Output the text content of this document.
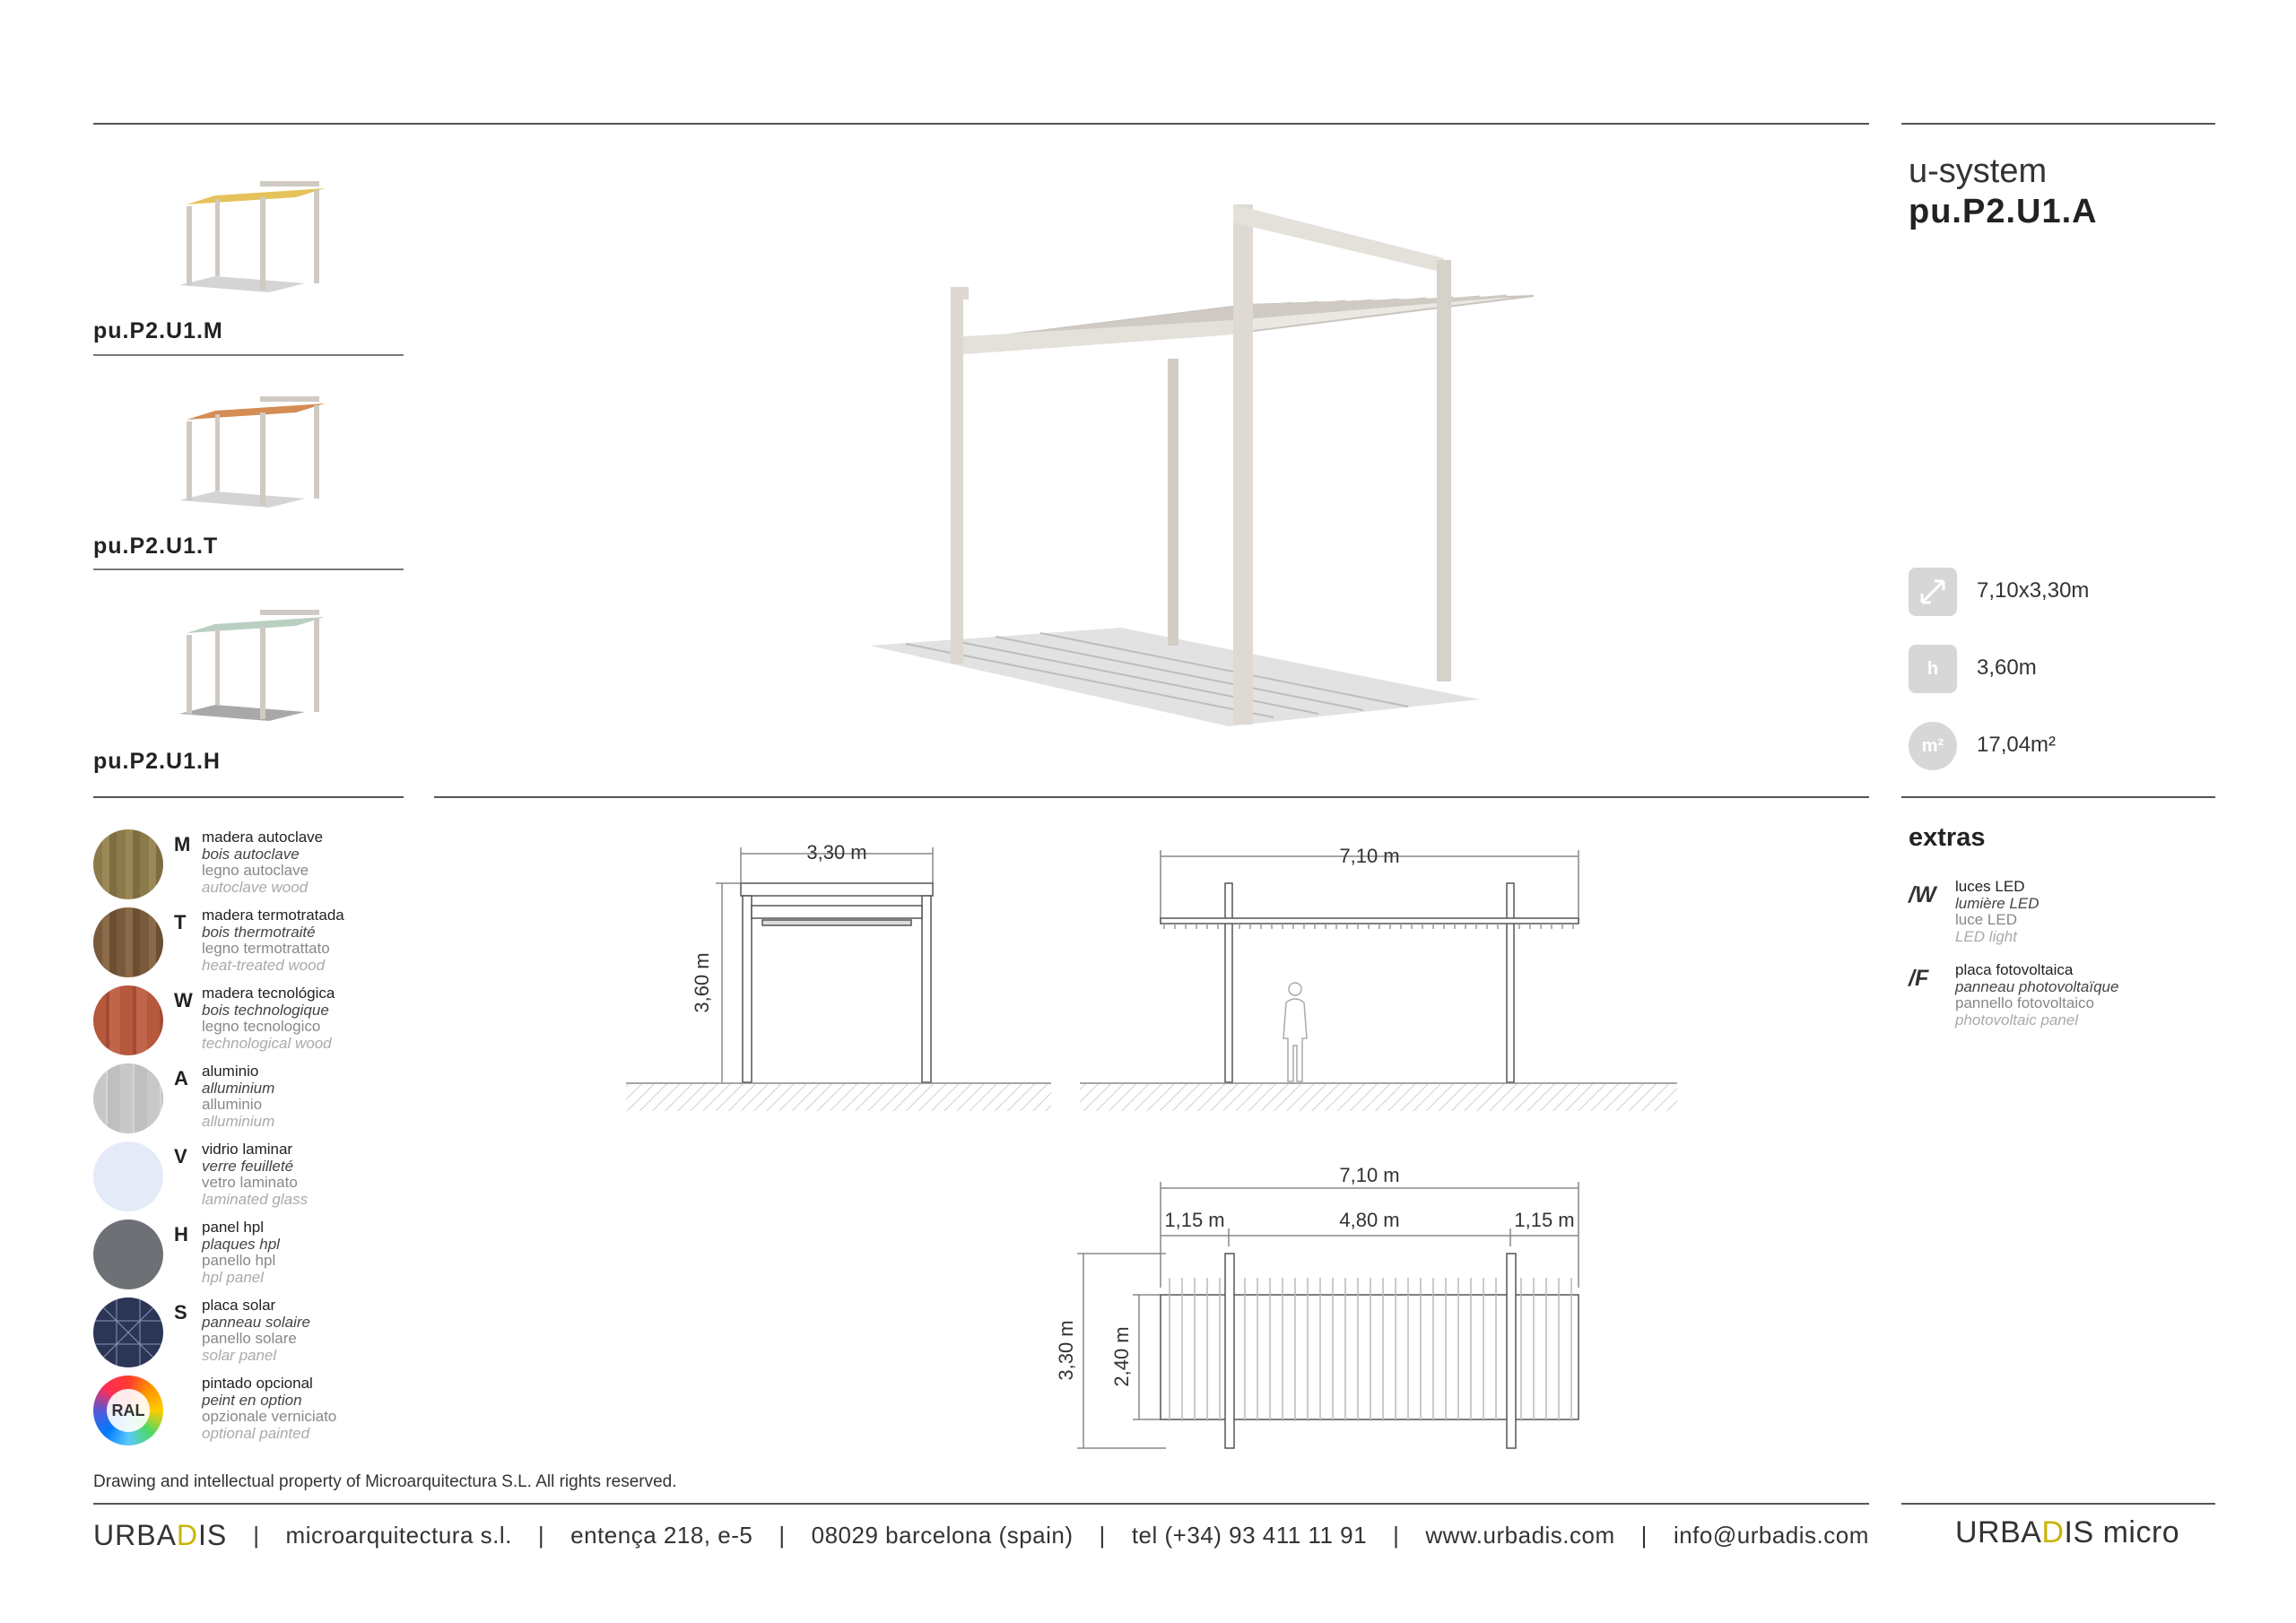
pu.P2.U1.M
pu.P2.U1.T
pu.P2.U1.H
u-system
pu.P2.U1.A
7,10x3,30m
h 3,60m
m² 17,04m²
extras
/W	luces LED
lumière LED
luce LED
LED light
/F	placa fotovoltaica
panneau photovoltaïque
pannello fotovoltaico
photovoltaic panel
M madera autoclave
bois autoclave
legno autoclave
autoclave wood
T madera termotratada
bois thermotraité
legno termotrattato
heat-treated wood
W madera tecnológica
bois technologique
legno tecnologico
technological wood
A aluminio
alluminium
alluminio
alluminium
V vidrio laminar
verre feuilleté
vetro laminato
laminated glass
H panel hpl
plaques hpl
panello hpl
hpl panel
S placa solar
panneau solaire
panello solare
solar panel
RAL
pintado opcional
peint en option
opzionale verniciato
optional painted
3,30 m
3,60 m
7,10 m
7,10 m
1,15 m	4,80 m	1,15 m
3,30 m 2,40 m
Drawing and intellectual property of Microarquitectura S.L. All rights reserved.
URBADIS | microarquitectura s.l. | entença 218, e-5 | 08029 barcelona (spain) | tel (+34) 93 411 11 91 | www.urbadis.com | info@urbadis.com	URBADIS micro
